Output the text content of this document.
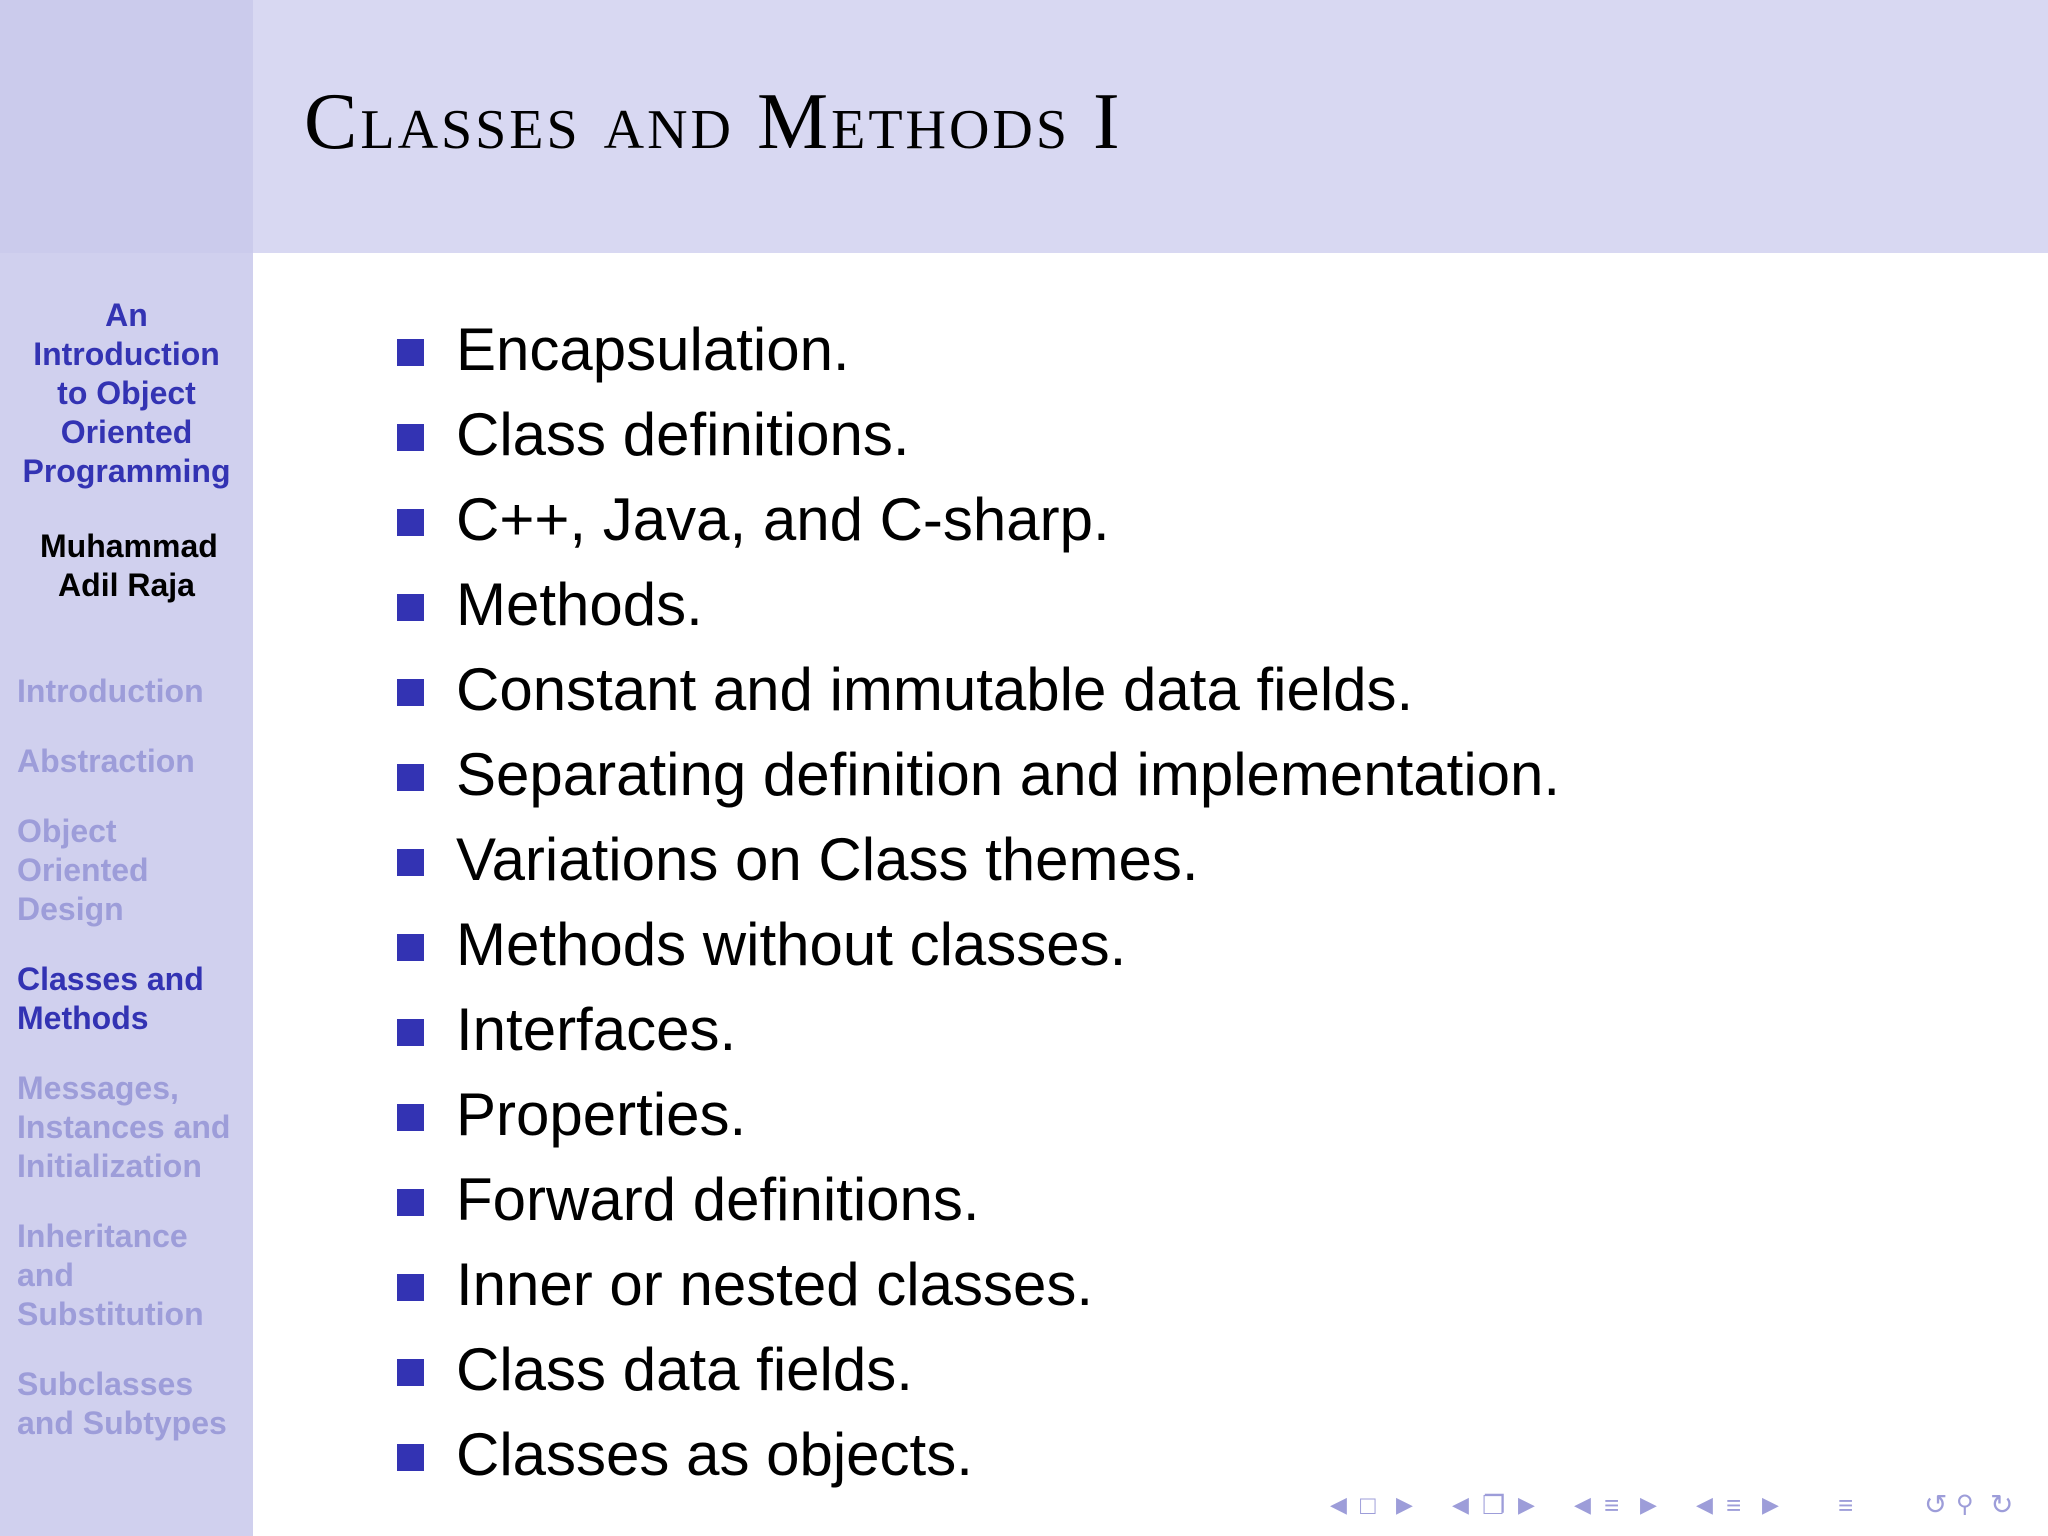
An Introduction to Object Oriented Programming
Muhammad Adil Raja
Introduction
Abstraction
Object Oriented Design
Classes and Methods
Messages, Instances and Initialization
Inheritance and Substitution
Subclasses and Subtypes
Classes and Methods I
Encapsulation.
Class definitions.
C++, Java, and C-sharp.
Methods.
Constant and immutable data fields.
Separating definition and implementation.
Variations on Class themes.
Methods without classes.
Interfaces.
Properties.
Forward definitions.
Inner or nested classes.
Class data fields.
Classes as objects.
◀ □ ▶ ◀ ❐ ▶ ◀ ≡ ▶ ◀ ≡ ▶ ≡	↺ ⚲ ↻
